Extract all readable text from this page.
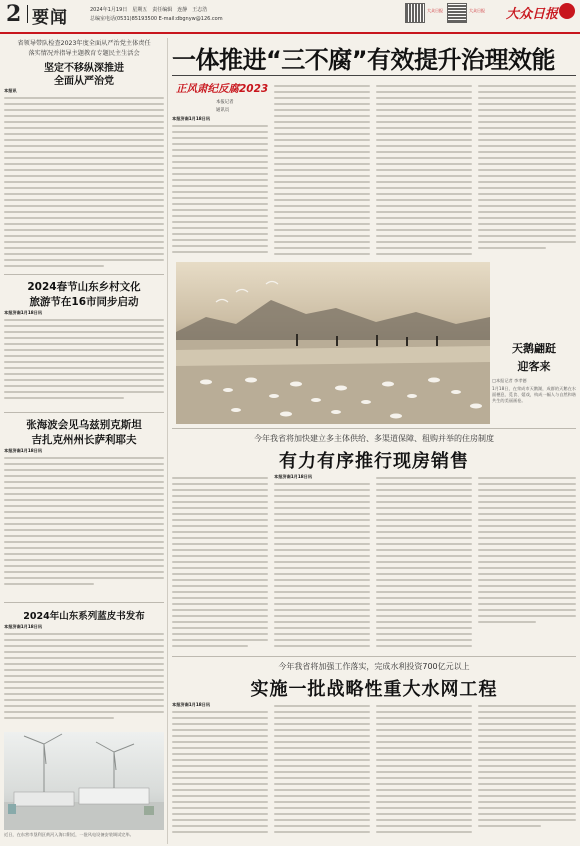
2 要闻	2024年1月19日　星期五　责任编辑　连静　王志浩
总编室电话(0531)85193500 E-mail:dbgnyw@126.com
大众日报	大众日报 大众日报
省领导带队检查2023年度全面从严治党主体责任
落实情况并指导主题教育专题民主生活会
坚定不移纵深推进
全面从严治党
本报讯
2024春节山东乡村文化
旅游节在16市同步启动
本报济南1月18日讯
张海波会见乌兹别克斯坦
吉扎克州州长萨利耶夫
本报济南1月18日讯
2024年山东系列蓝皮书发布
本报济南1月18日讯
近日，在东营市垦利区黄河入海口附近，一批风电设备安装调试完毕。
一体推进“三不腐”有效提升治理效能
正风肃纪反腐2023
本报记者
通讯员
本报济南1月18日讯
天鹅翩跹
迎客来
□本报记者 李孝德
1月18日，在荣成市天鹅湖，成群的天鹅在水面栖息、觅食、嬉戏，构成一幅人与自然和谐共生的美丽画卷。
今年我省将加快建立多主体供给、多渠道保障、租购并举的住房制度
有力有序推行现房销售
本报济南1月18日讯
今年我省将加强工作落实，完成水利投资700亿元以上
实施一批战略性重大水网工程
本报济南1月18日讯
